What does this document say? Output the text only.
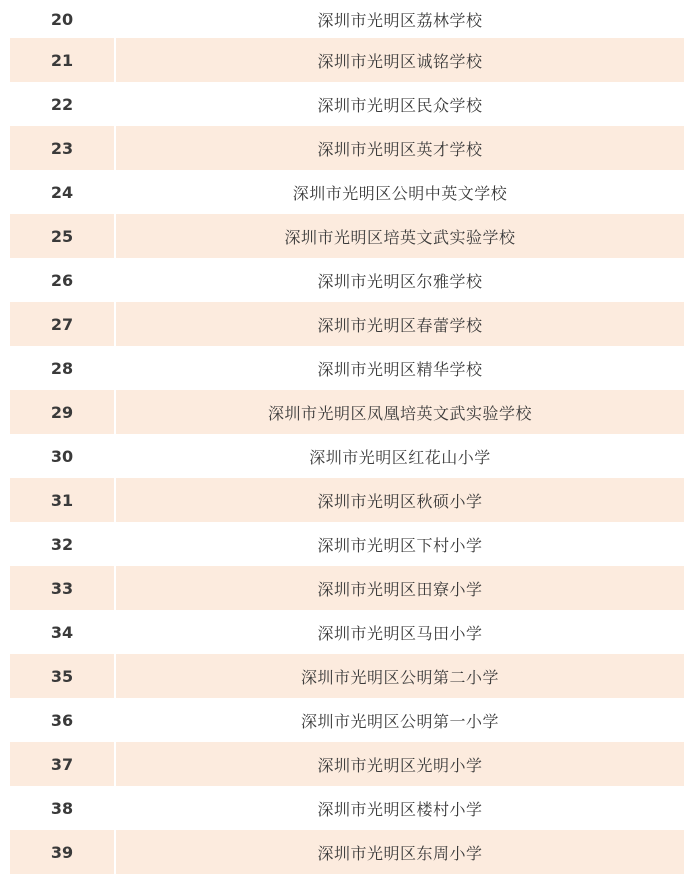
20	深圳市光明区荔林学校
21	深圳市光明区诚铭学校
22	深圳市光明区民众学校
23	深圳市光明区英才学校
24	深圳市光明区公明中英文学校
25	深圳市光明区培英文武实验学校
26	深圳市光明区尔雅学校
27	深圳市光明区春蕾学校
28	深圳市光明区精华学校
29	深圳市光明区凤凰培英文武实验学校
30	深圳市光明区红花山小学
31	深圳市光明区秋硕小学
32	深圳市光明区下村小学
33	深圳市光明区田寮小学
34	深圳市光明区马田小学
35	深圳市光明区公明第二小学
36	深圳市光明区公明第一小学
37	深圳市光明区光明小学
38	深圳市光明区楼村小学
39	深圳市光明区东周小学
